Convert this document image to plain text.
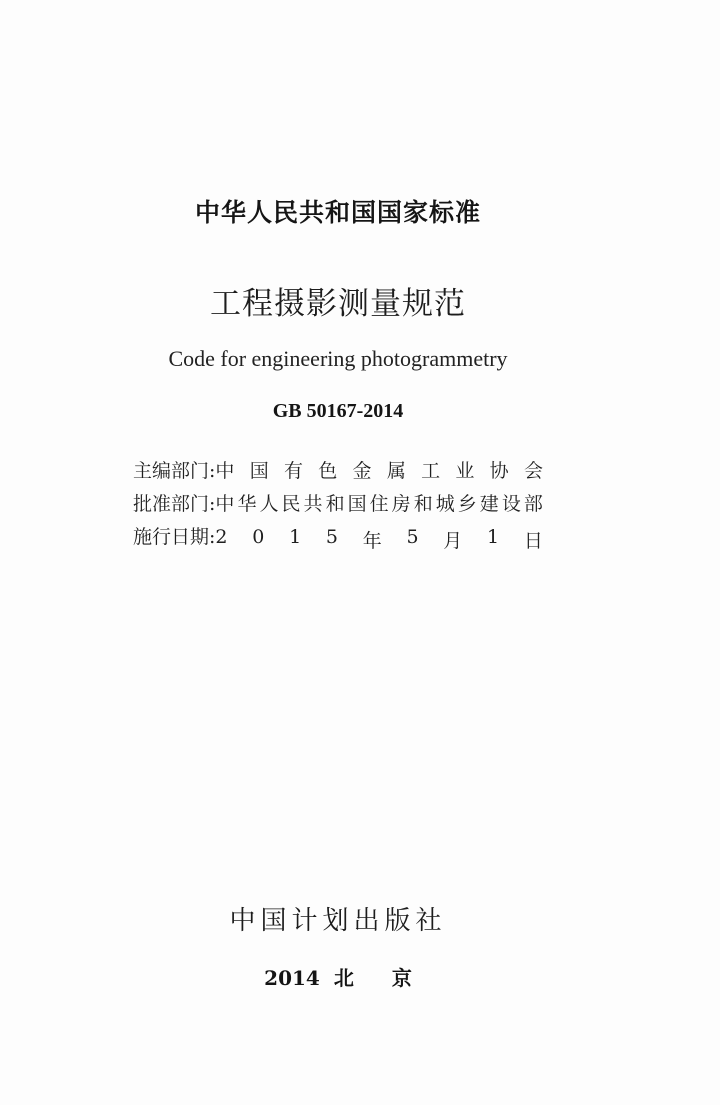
中华人民共和国国家标准
工程摄影测量规范
Code for engineering photogrammetry
GB 50167-2014
主编部门: 中 国 有 色 金 属 工 业 协 会
批准部门: 中 华 人 民 共 和 国 住 房 和 城 乡 建 设 部
施行日期: 2 0 1 5 年 5 月 1 日
中国计划出版社
2014 北 京
